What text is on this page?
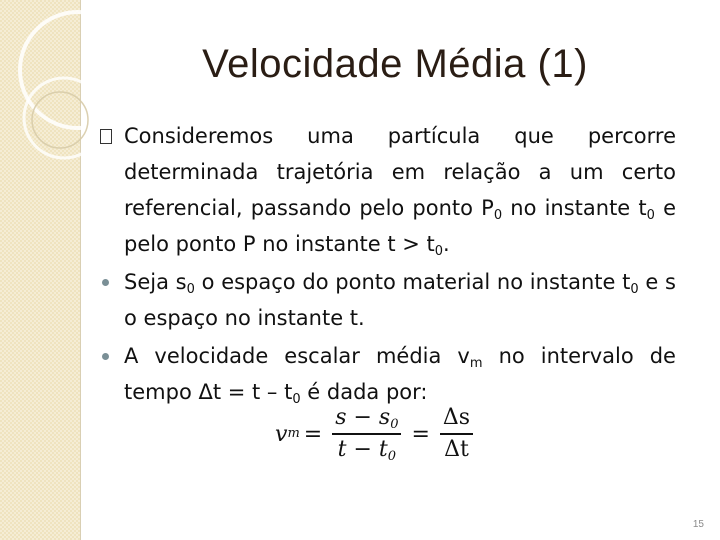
Velocidade Média (1)
Consideremos uma partícula que percorre determinada trajetória em relação a um certo referencial, passando pelo ponto $P_0$ no instante $t_0$ e pelo ponto P no instante $t > t_0$.
Seja $s_0$ o espaço do ponto material no instante $t_0$ e s o espaço no instante t.
A velocidade escalar média $v_m$ no intervalo de tempo $\Delta t = t - t_0$ é dada por:
v $m = \frac{s - s_0}{t - t_0} = \frac{\Delta s}{\Delta t}$
15
